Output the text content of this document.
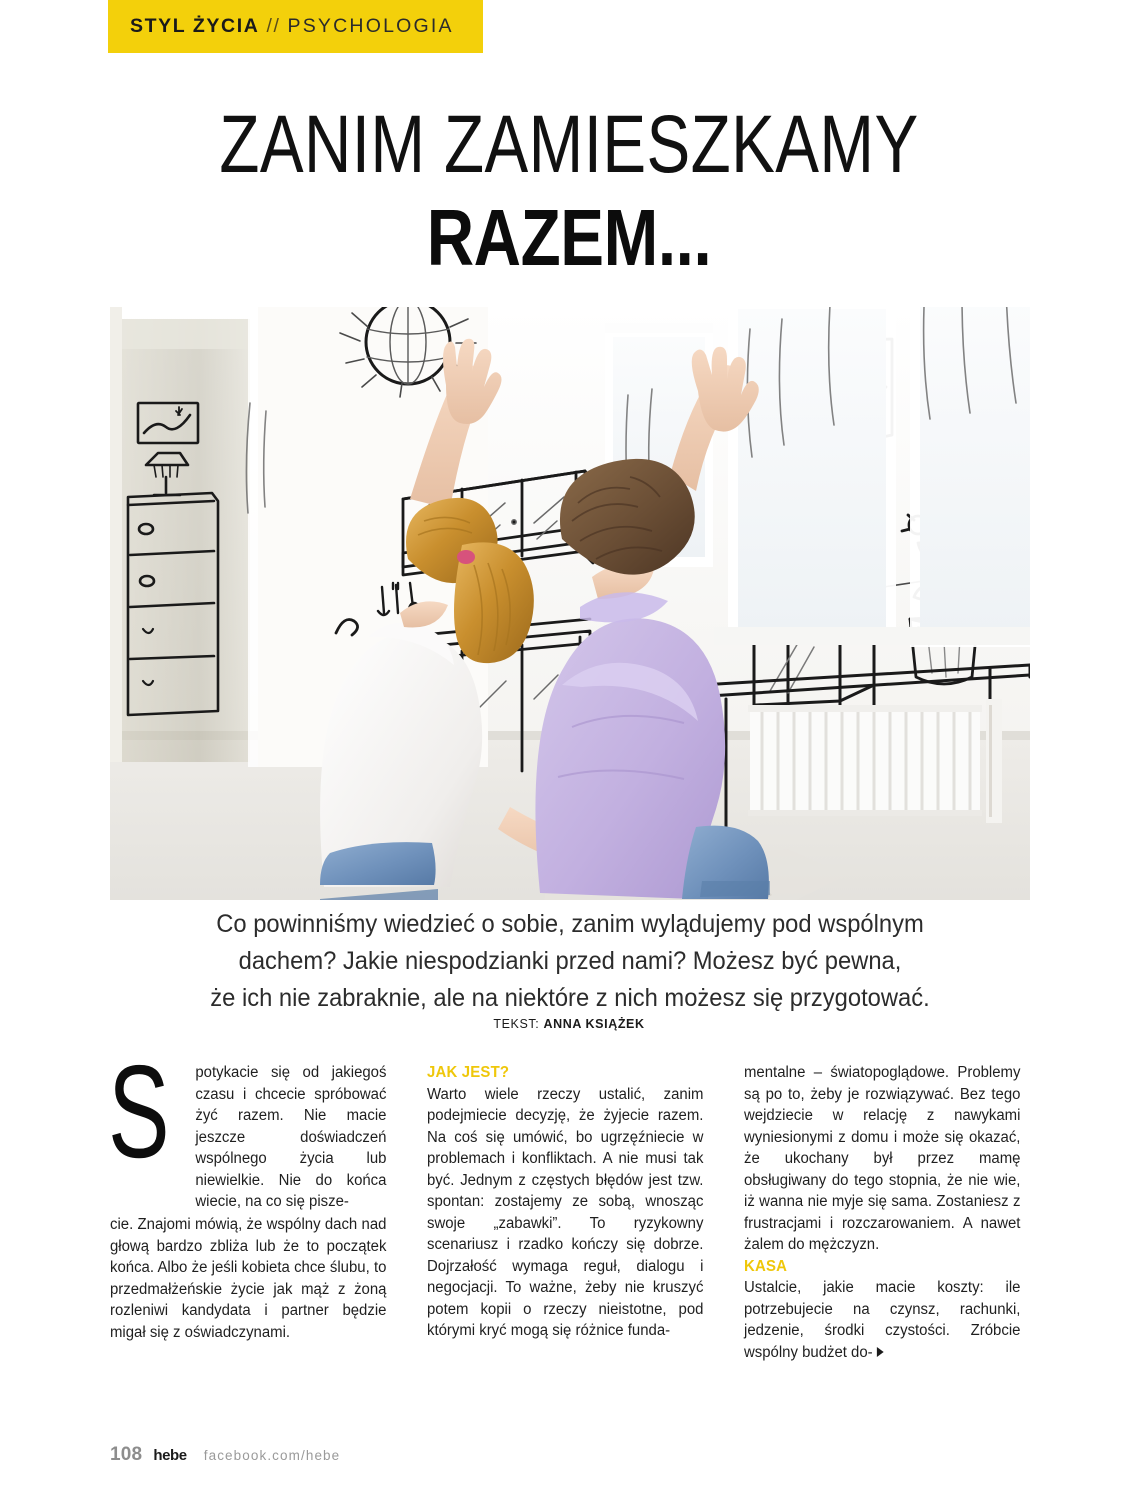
STYL ŻYCIA // PSYCHOLOGIA
ZANIM ZAMIESZKAMY
RAZEM...
Co powinniśmy wiedzieć o sobie, zanim wylądujemy pod wspólnym
dachem? Jakie niespodzianki przed nami? Możesz być pewna,
że ich nie zabraknie, ale na niektóre z nich możesz się przygotować.
TEKST: ANNA KSIĄŻEK
S	potykacie się od jakiegoś czasu i chcecie spróbować żyć razem. Nie macie jeszcze doświadczeń wspólnego życia lub niewielkie. Nie do końca wiecie, na co się pisze-

cie. Znajomi mówią, że wspólny dach nad głową bardzo zbliża lub że to początek końca. Albo że jeśli kobieta chce ślubu, to przedmałżeńskie życie jak mąż z żoną rozleniwi kandydata i partner będzie migał się z oświadczynami.

JAK JEST?

Warto wiele rzeczy ustalić, zanim podejmiecie decyzję, że żyjecie razem. Na coś się umówić, bo ugrzęźniecie w problemach i konfliktach. A nie musi tak być. Jednym z częstych błędów jest tzw. spontan: zostajemy ze sobą, wnosząc swoje „zabawki”. To ryzykowny scenariusz i rzadko kończy się dobrze. Dojrzałość wymaga reguł, dialogu i negocjacji. To ważne, żeby nie kruszyć potem kopii o rzeczy nieistotne, pod którymi kryć mogą się różnice funda-

mentalne – światopoglądowe. Problemy są po to, żeby je rozwiązywać. Bez tego wejdziecie w relację z nawykami wyniesionymi z domu i może się okazać, że ukochany był przez mamę obsługiwany do tego stopnia, że nie wie, iż wanna nie myje się sama. Zostaniesz z frustracjami i rozczarowaniem. A nawet żalem do mężczyzn.

KASA

Ustalcie, jakie macie koszty: ile potrzebujecie na czynsz, rachunki, jedzenie, środki czystości. Zróbcie wspólny budżet do-

108 hebe facebook.com/hebe
